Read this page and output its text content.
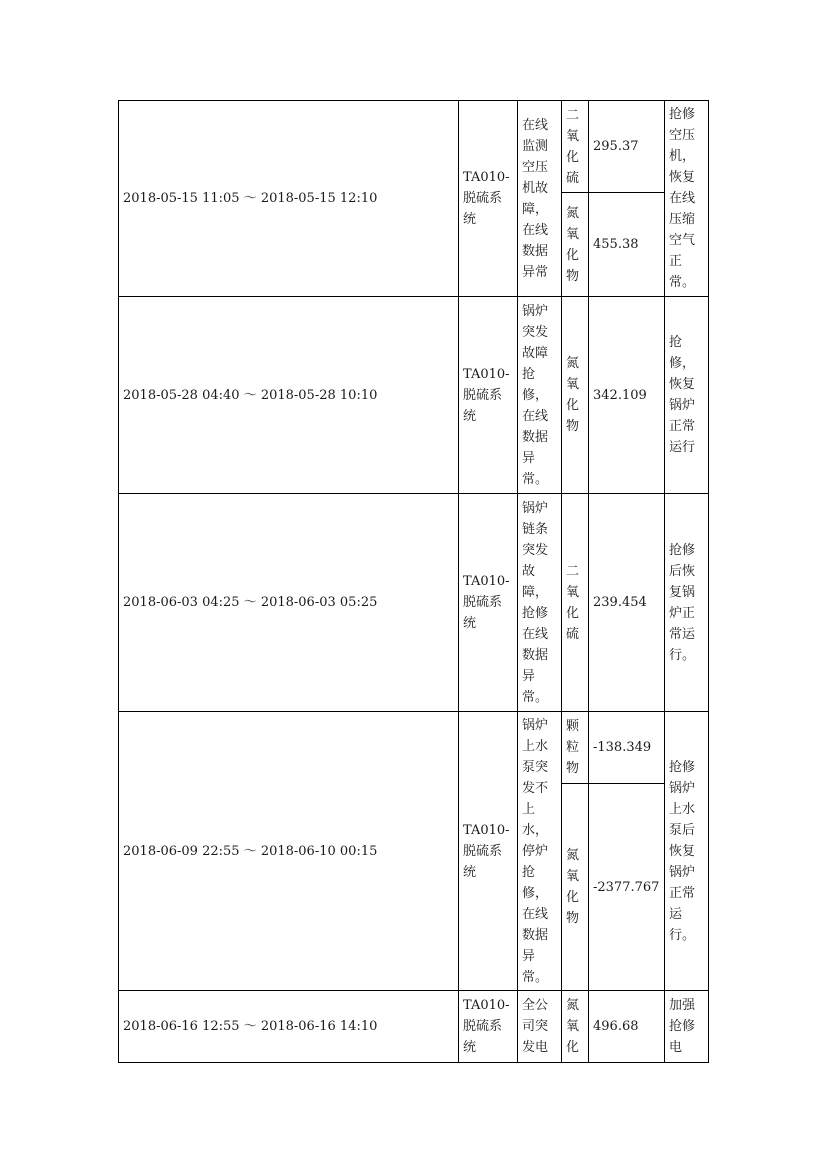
2018-05-15 11:05 ～ 2018-05-15 12:10	TA010-脱硫系统	在线监测空压机故障，在线数据异常	二氧化硫	295.37	抢修空压机，恢复在线压缩空气正常。
			氮氧化物	455.38	
2018-05-28 04:40 ～ 2018-05-28 10:10	TA010-脱硫系统	锅炉突发故障抢修，在线数据异常。	氮氧化物	342.109	抢修，恢复锅炉正常运行
2018-06-03 04:25 ～ 2018-06-03 05:25	TA010-脱硫系统	锅炉链条突发故障，抢修在线数据异常。	二氧化硫	239.454	抢修后恢复锅炉正常运行。
2018-06-09 22:55 ～ 2018-06-10 00:15	TA010-脱硫系统	锅炉上水泵突发不上水，停炉抢修，在线数据异常。	颗粒物	-138.349	抢修锅炉上水泵后恢复锅炉正常运行。
			氮氧化物	-2377.767	
2018-06-16 12:55 ～ 2018-06-16 14:10	TA010-脱硫系统	全公司突发电	氮氧化	496.68	加强抢修电
